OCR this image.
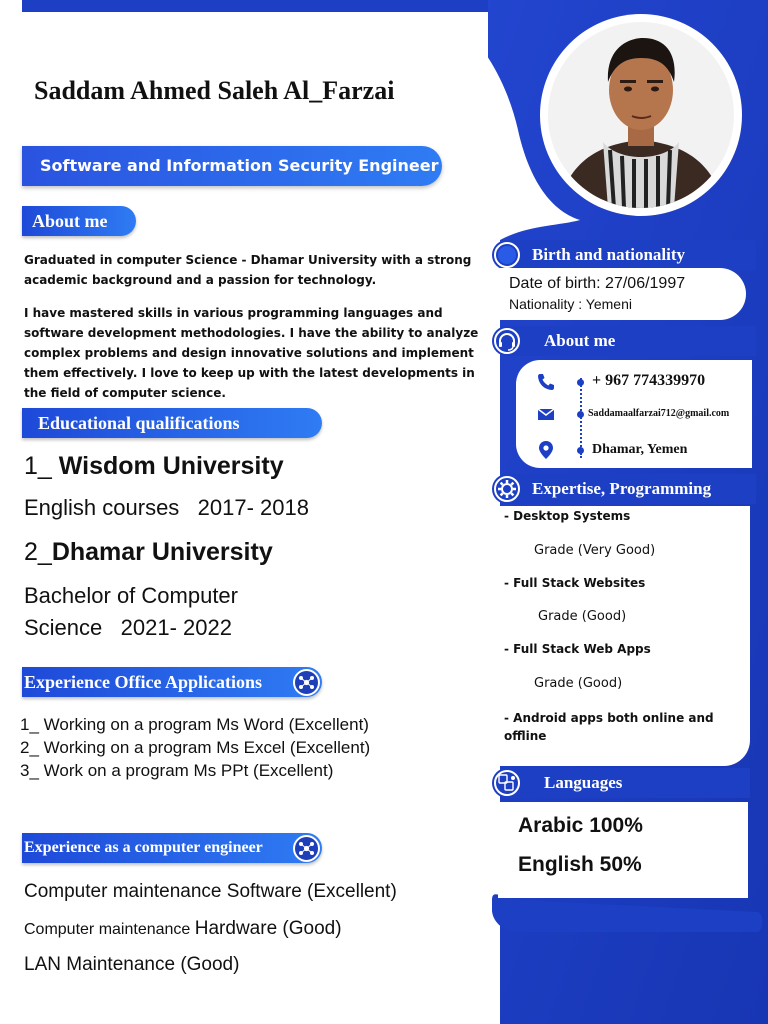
Saddam Ahmed Saleh Al_Farzai
Software and Information Security Engineer
About me

Graduated in computer Science - Dhamar University with a strong academic background and a passion for technology.

I have mastered skills in various programming languages and software development methodologies. I have the ability to analyze complex problems and design innovative solutions and implement them effectively. I love to keep up with the latest developments in the field of computer science.

Educational qualifications
1_ Wisdom University
English courses 2017- 2018
2_Dhamar University
Bachelor of Computer
Science 2021- 2022
Experience Office Applications
1_ Working on a program Ms Word (Excellent)
2_ Working on a program Ms Excel (Excellent)
3_ Work on a program Ms PPt (Excellent)
Experience as a computer engineer
Computer maintenance Software (Excellent)
Computer maintenance Hardware (Good)
LAN Maintenance (Good)
Birth and nationality
Date of birth: 27/06/1997
Nationality : Yemeni
About me
+ 967 774339970
Saddamaalfarzai712@gmail.com
Dhamar, Yemen
Expertise, Programming
- Desktop Systems
Grade (Very Good)
- Full Stack Websites
Grade (Good)
- Full Stack Web Apps
Grade (Good)
- Android apps both online and offline
Languages
Arabic 100%
English 50%
